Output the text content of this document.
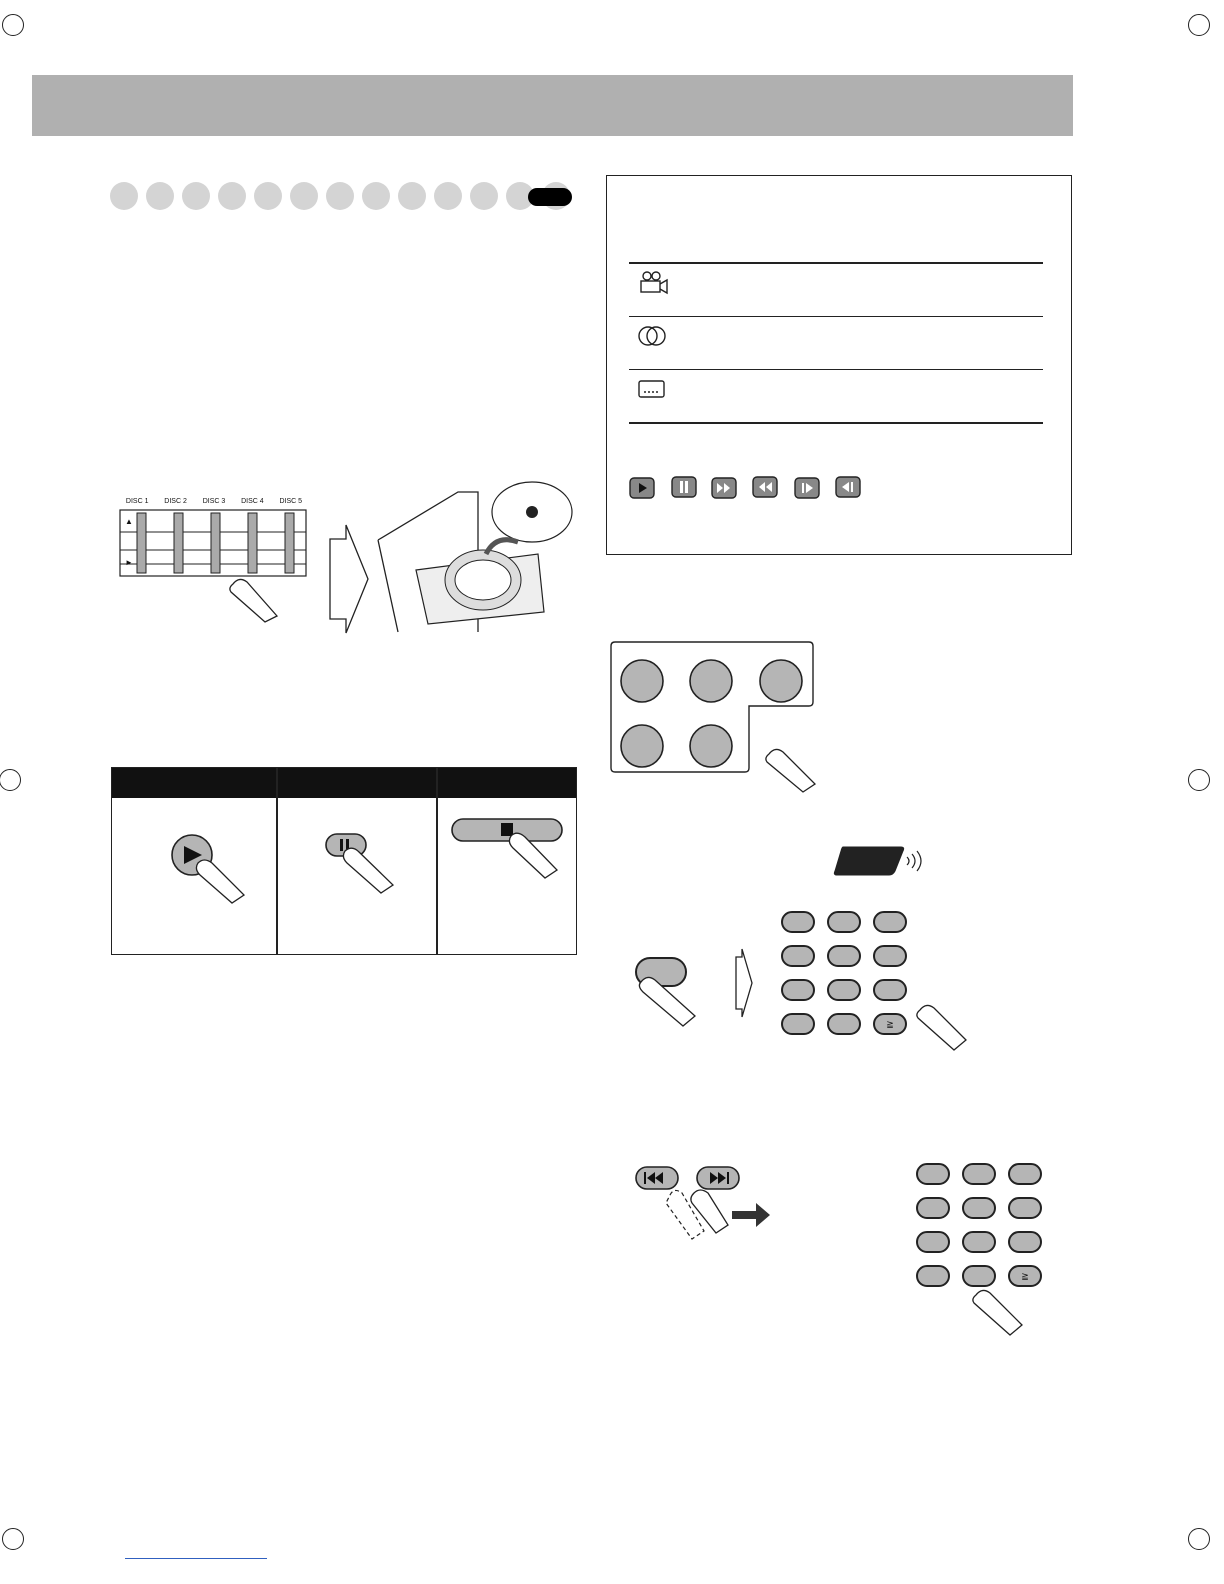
DISC 1 DISC 2 DISC 3 DISC 4 DISC 5
▲
►
≧
≧
